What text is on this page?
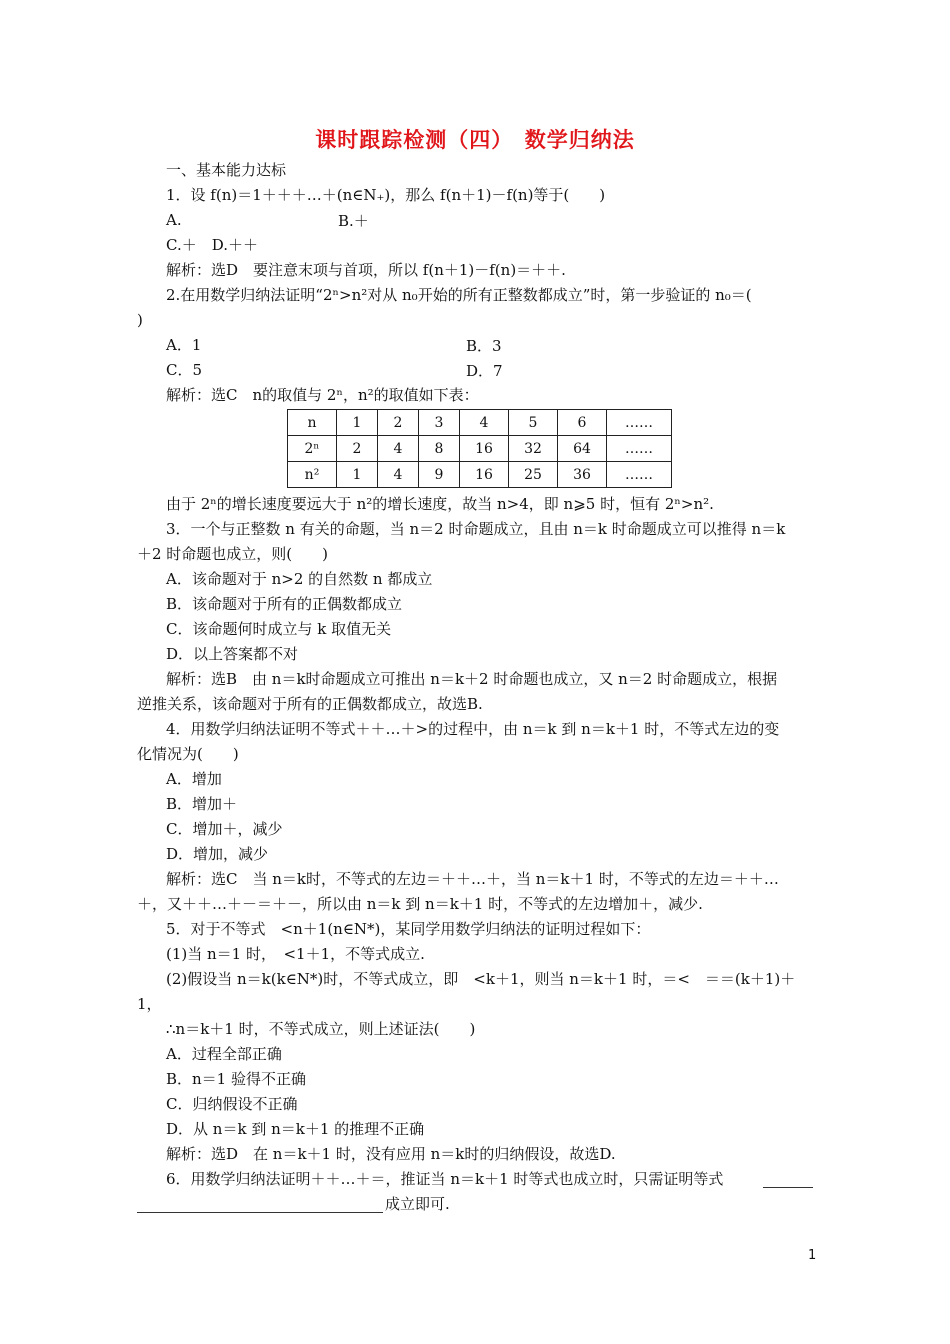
课时跟踪检测（四）　数学归纳法
一、基本能力达标
1．设 f(n)＝1＋＋＋…＋(n∈N₊)，那么 f(n＋1)－f(n)等于(　　)
A.	B.＋
C.＋　D.＋＋
解析：选D　要注意末项与首项，所以 f(n＋1)－f(n)＝＋＋.
2.在用数学归纳法证明“2ⁿ>n²对从 n₀开始的所有正整数都成立”时，第一步验证的 n₀＝(
)
A．1	B．3
C．5	D．7
解析：选C　n的取值与 2ⁿ，n²的取值如下表：
n	1	2	3	4	5	6	……
2ⁿ	2	4	8	16	32	64	……
n²	1	4	9	16	25	36	……
由于 2ⁿ的增长速度要远大于 n²的增长速度，故当 n>4，即 n⩾5 时，恒有 2ⁿ>n².
3．一个与正整数 n 有关的命题，当 n＝2 时命题成立，且由 n＝k 时命题成立可以推得 n＝k
＋2 时命题也成立，则(　　)
A．该命题对于 n>2 的自然数 n 都成立
B．该命题对于所有的正偶数都成立
C．该命题何时成立与 k 取值无关
D．以上答案都不对
解析：选B　由 n＝k时命题成立可推出 n＝k＋2 时命题也成立，又 n＝2 时命题成立，根据
逆推关系，该命题对于所有的正偶数都成立，故选B.
4．用数学归纳法证明不等式＋＋…＋>的过程中，由 n＝k 到 n＝k＋1 时，不等式左边的变
化情况为(　　)
A．增加
B．增加＋
C．增加＋，减少
D．增加，减少
解析：选C　当 n＝k时，不等式的左边＝＋＋…＋，当 n＝k＋1 时，不等式的左边＝＋＋…
＋，又＋＋…＋－＝＋－，所以由 n＝k 到 n＝k＋1 时，不等式的左边增加＋，减少.
5．对于不等式　<n＋1(n∈N*)，某同学用数学归纳法的证明过程如下：
(1)当 n＝1 时，　<1＋1，不等式成立.
(2)假设当 n＝k(k∈N*)时，不等式成立，即　<k＋1，则当 n＝k＋1 时，＝<　＝＝(k＋1)＋
1，
∴n＝k＋1 时，不等式成立，则上述证法(　　)
A．过程全部正确
B．n＝1 验得不正确
C．归纳假设不正确
D．从 n＝k 到 n＝k＋1 的推理不正确
解析：选D　在 n＝k＋1 时，没有应用 n＝k时的归纳假设，故选D.
6．用数学归纳法证明＋＋…＋＝，推证当 n＝k＋1 时等式也成立时，只需证明等式
成立即可.
1
